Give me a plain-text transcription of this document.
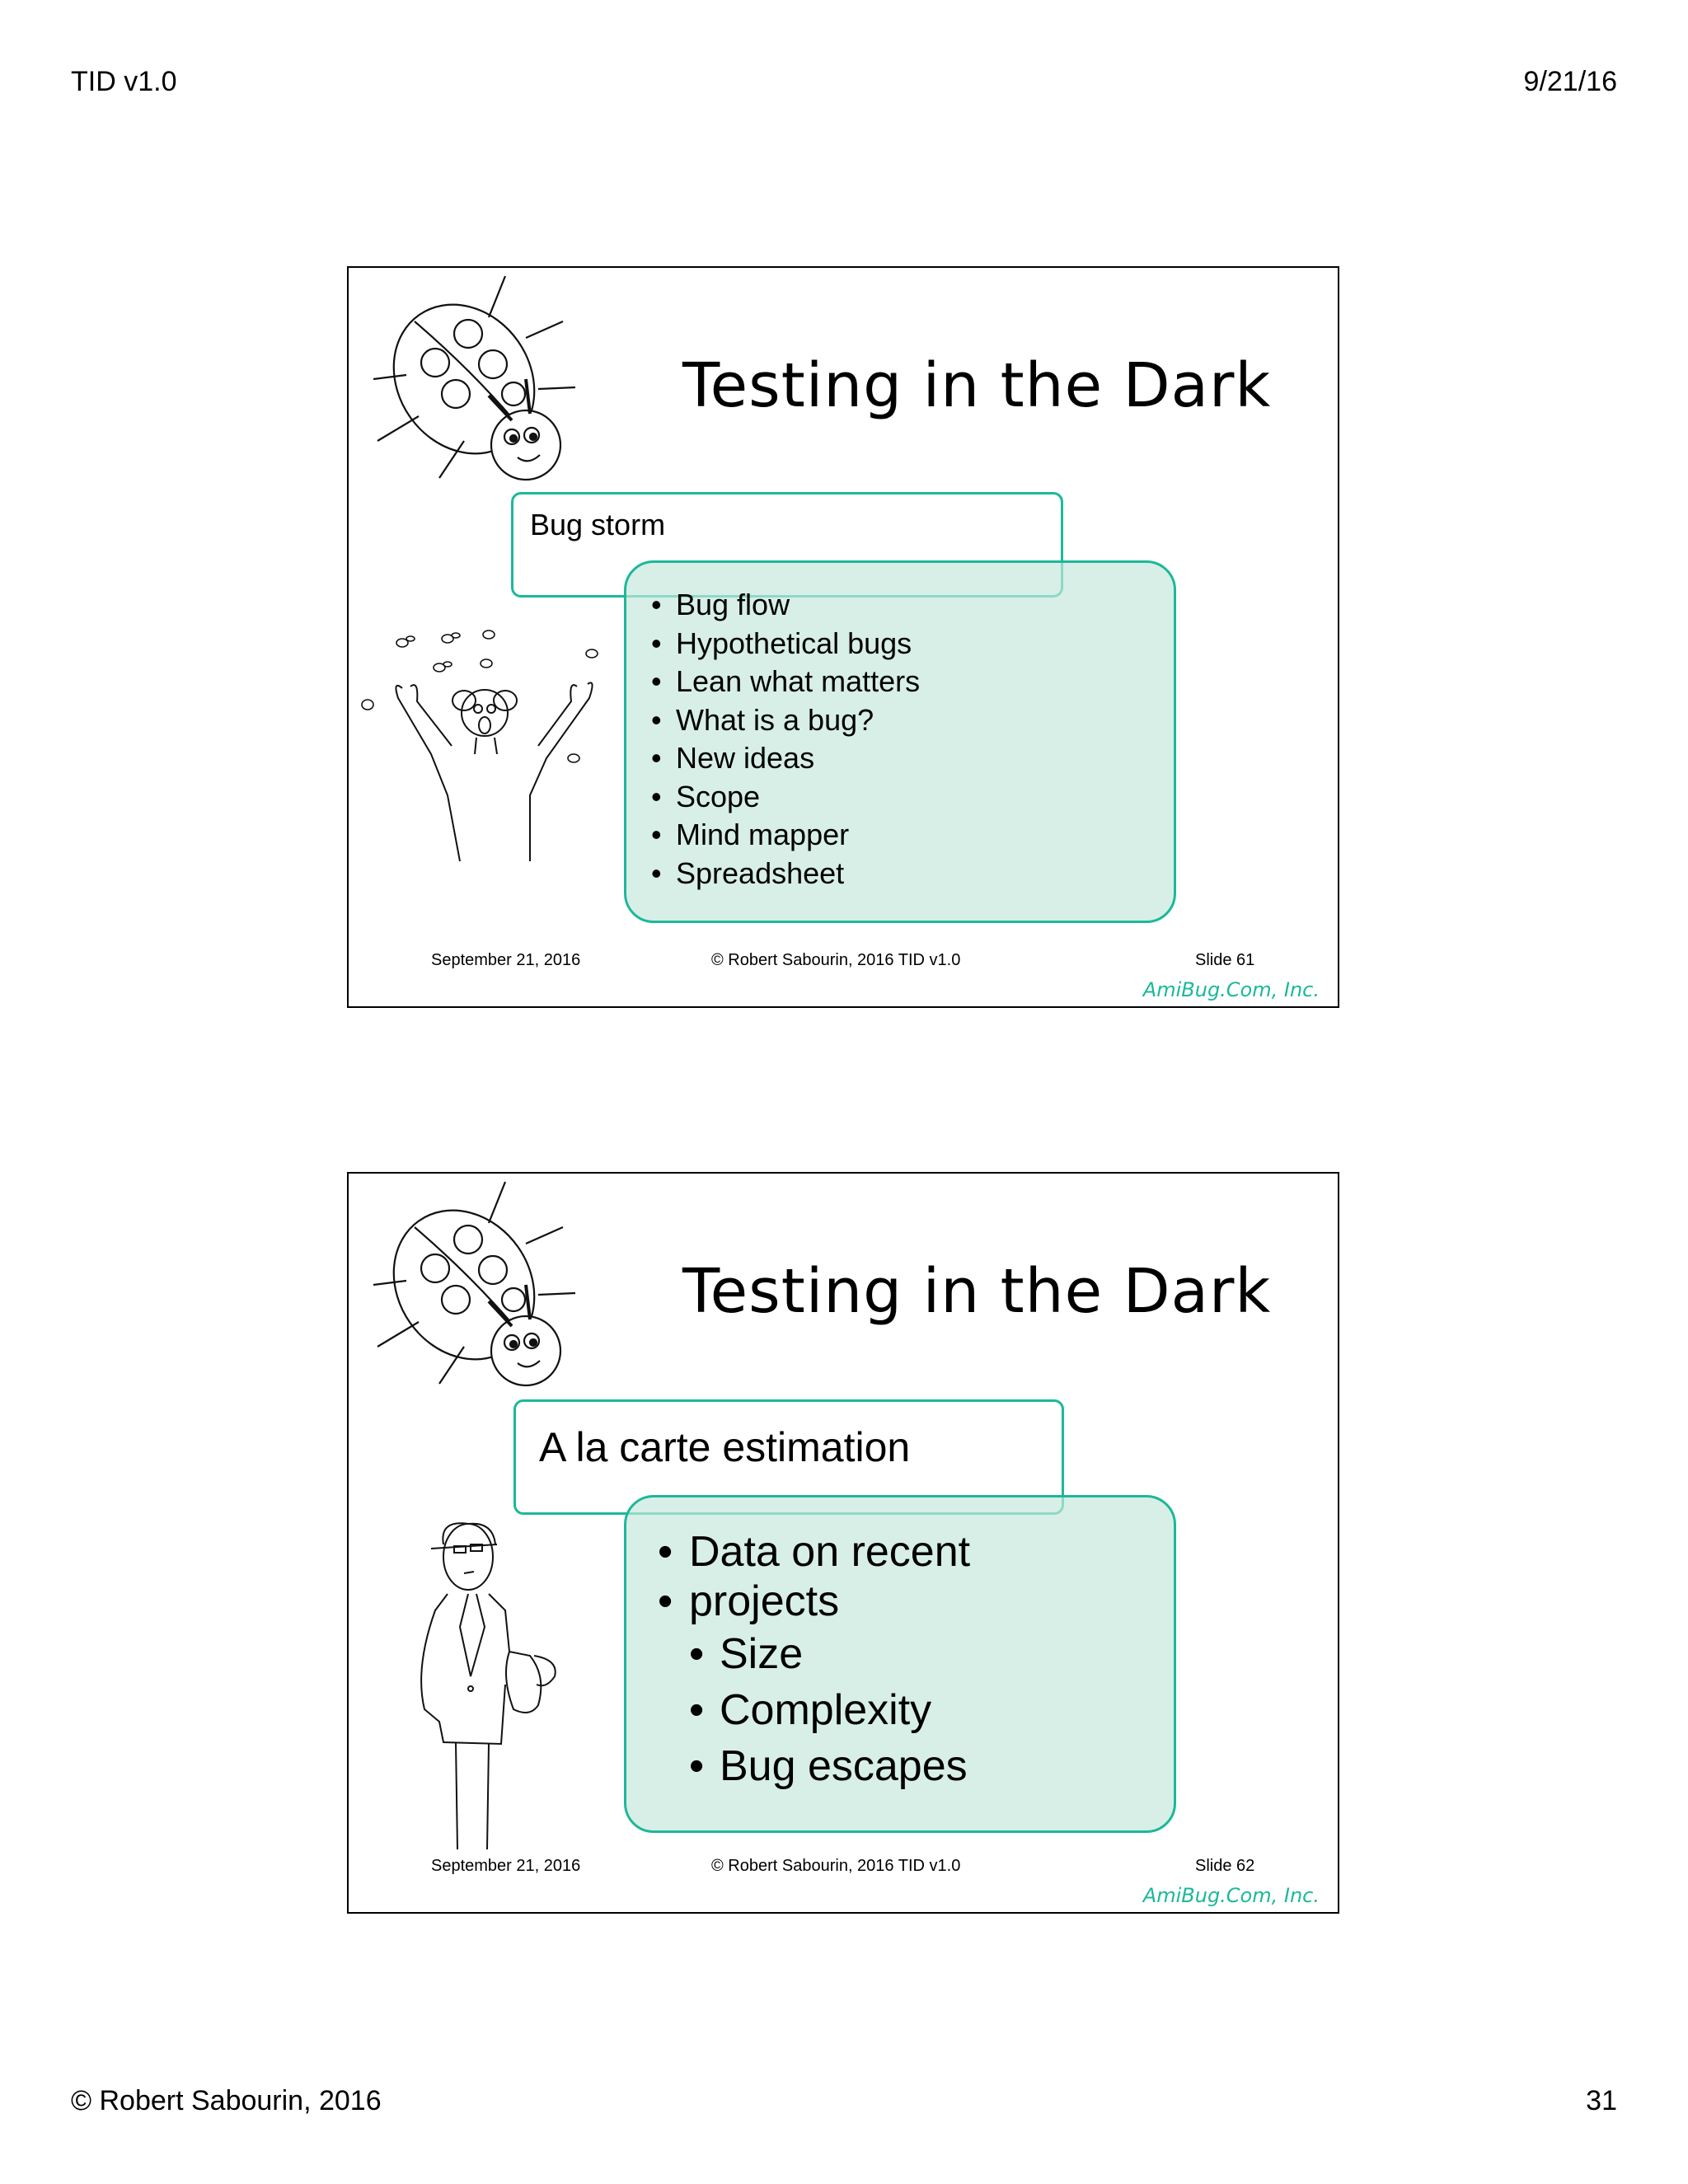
TID v1.0	9/21/16
Testing in the Dark
Bug storm
• Bug flow
• Hypothetical bugs
• Lean what matters
• What is a bug?
• New ideas
• Scope
• Mind mapper
• Spreadsheet
September 21, 2016	© Robert Sabourin, 2016 TID v1.0	Slide 61
AmiBug.Com, Inc.
Testing in the Dark
A la carte estimation
• Data on recent
• projects
• Size
• Complexity
• Bug escapes
September 21, 2016	© Robert Sabourin, 2016 TID v1.0	Slide 62
AmiBug.Com, Inc.
© Robert Sabourin, 2016	31
